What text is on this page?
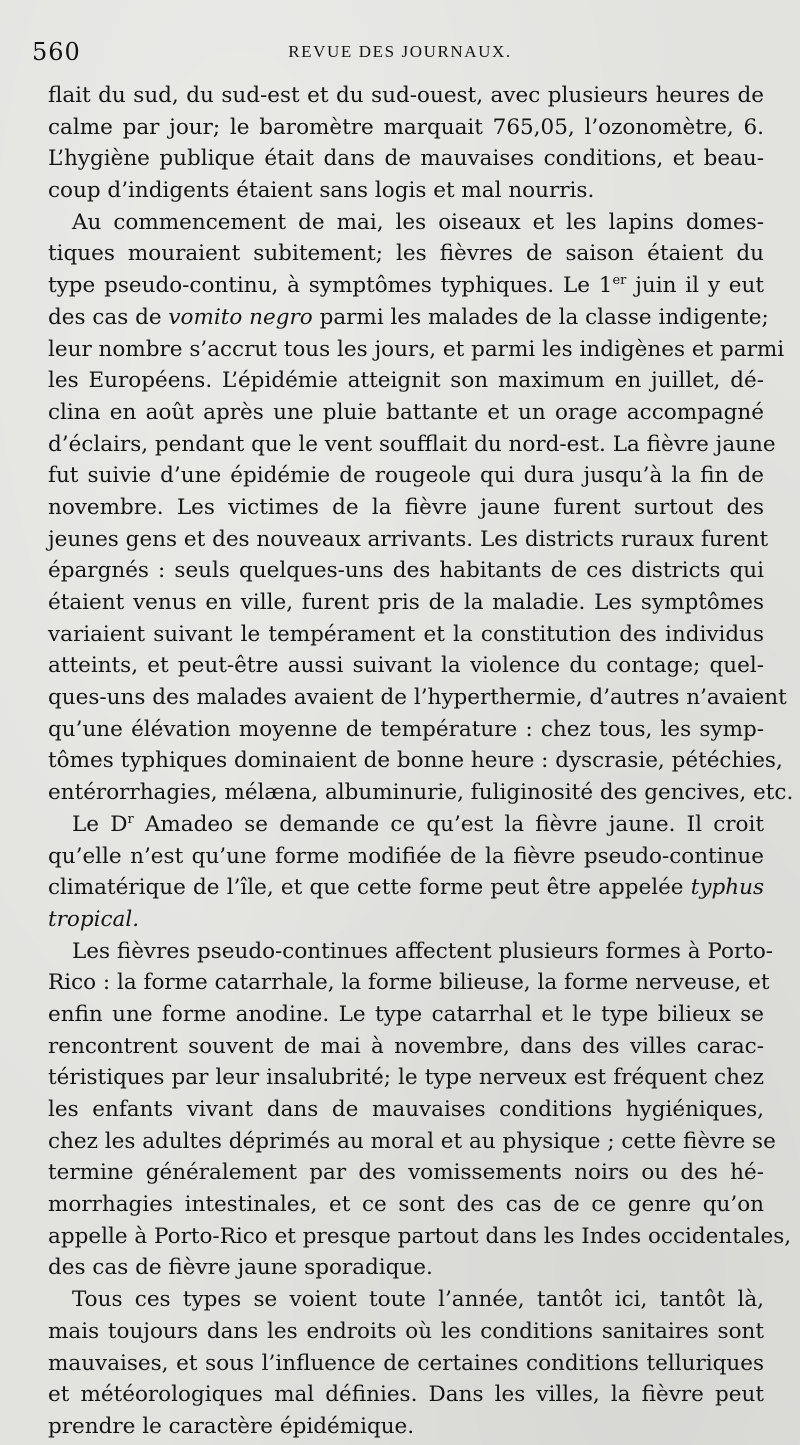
560	REVUE DES JOURNAUX.
flait du sud, du sud-est et du sud-ouest, avec plusieurs heures de
calme par jour; le baromètre marquait 765,05, l’ozonomètre, 6.
L’hygiène publique était dans de mauvaises conditions, et beau-
coup d’indigents étaient sans logis et mal nourris.
Au commencement de mai, les oiseaux et les lapins domes-
tiques mouraient subitement; les fièvres de saison étaient du
type pseudo-continu, à symptômes typhiques. Le 1er juin il y eut
des cas de vomito negro parmi les malades de la classe indigente;
leur nombre s’accrut tous les jours, et parmi les indigènes et parmi
les Européens. L’épidémie atteignit son maximum en juillet, dé-
clina en août après une pluie battante et un orage accompagné
d’éclairs, pendant que le vent soufflait du nord-est. La fièvre jaune
fut suivie d’une épidémie de rougeole qui dura jusqu’à la fin de
novembre. Les victimes de la fièvre jaune furent surtout des
jeunes gens et des nouveaux arrivants. Les districts ruraux furent
épargnés : seuls quelques-uns des habitants de ces districts qui
étaient venus en ville, furent pris de la maladie. Les symptômes
variaient suivant le tempérament et la constitution des individus
atteints, et peut-être aussi suivant la violence du contage; quel-
ques-uns des malades avaient de l’hyperthermie, d’autres n’avaient
qu’une élévation moyenne de température : chez tous, les symp-
tômes typhiques dominaient de bonne heure : dyscrasie, pétéchies,
entérorrhagies, mélæna, albuminurie, fuliginosité des gencives, etc.
Le $D^r$ Amadeo se demande ce qu’est la fièvre jaune. Il croit
qu’elle n’est qu’une forme modifiée de la fièvre pseudo-continue
climatérique de l’île, et que cette forme peut être appelée typhus
tropical.
Les fièvres pseudo-continues affectent plusieurs formes à Porto-
Rico : la forme catarrhale, la forme bilieuse, la forme nerveuse, et
enfin une forme anodine. Le type catarrhal et le type bilieux se
rencontrent souvent de mai à novembre, dans des villes carac-
téristiques par leur insalubrité; le type nerveux est fréquent chez
les enfants vivant dans de mauvaises conditions hygiéniques,
chez les adultes déprimés au moral et au physique ; cette fièvre se
termine généralement par des vomissements noirs ou des hé-
morrhagies intestinales, et ce sont des cas de ce genre qu’on
appelle à Porto-Rico et presque partout dans les Indes occidentales,
des cas de fièvre jaune sporadique.
Tous ces types se voient toute l’année, tantôt ici, tantôt là,
mais toujours dans les endroits où les conditions sanitaires sont
mauvaises, et sous l’influence de certaines conditions telluriques
et météorologiques mal définies. Dans les villes, la fièvre peut
prendre le caractère épidémique.
